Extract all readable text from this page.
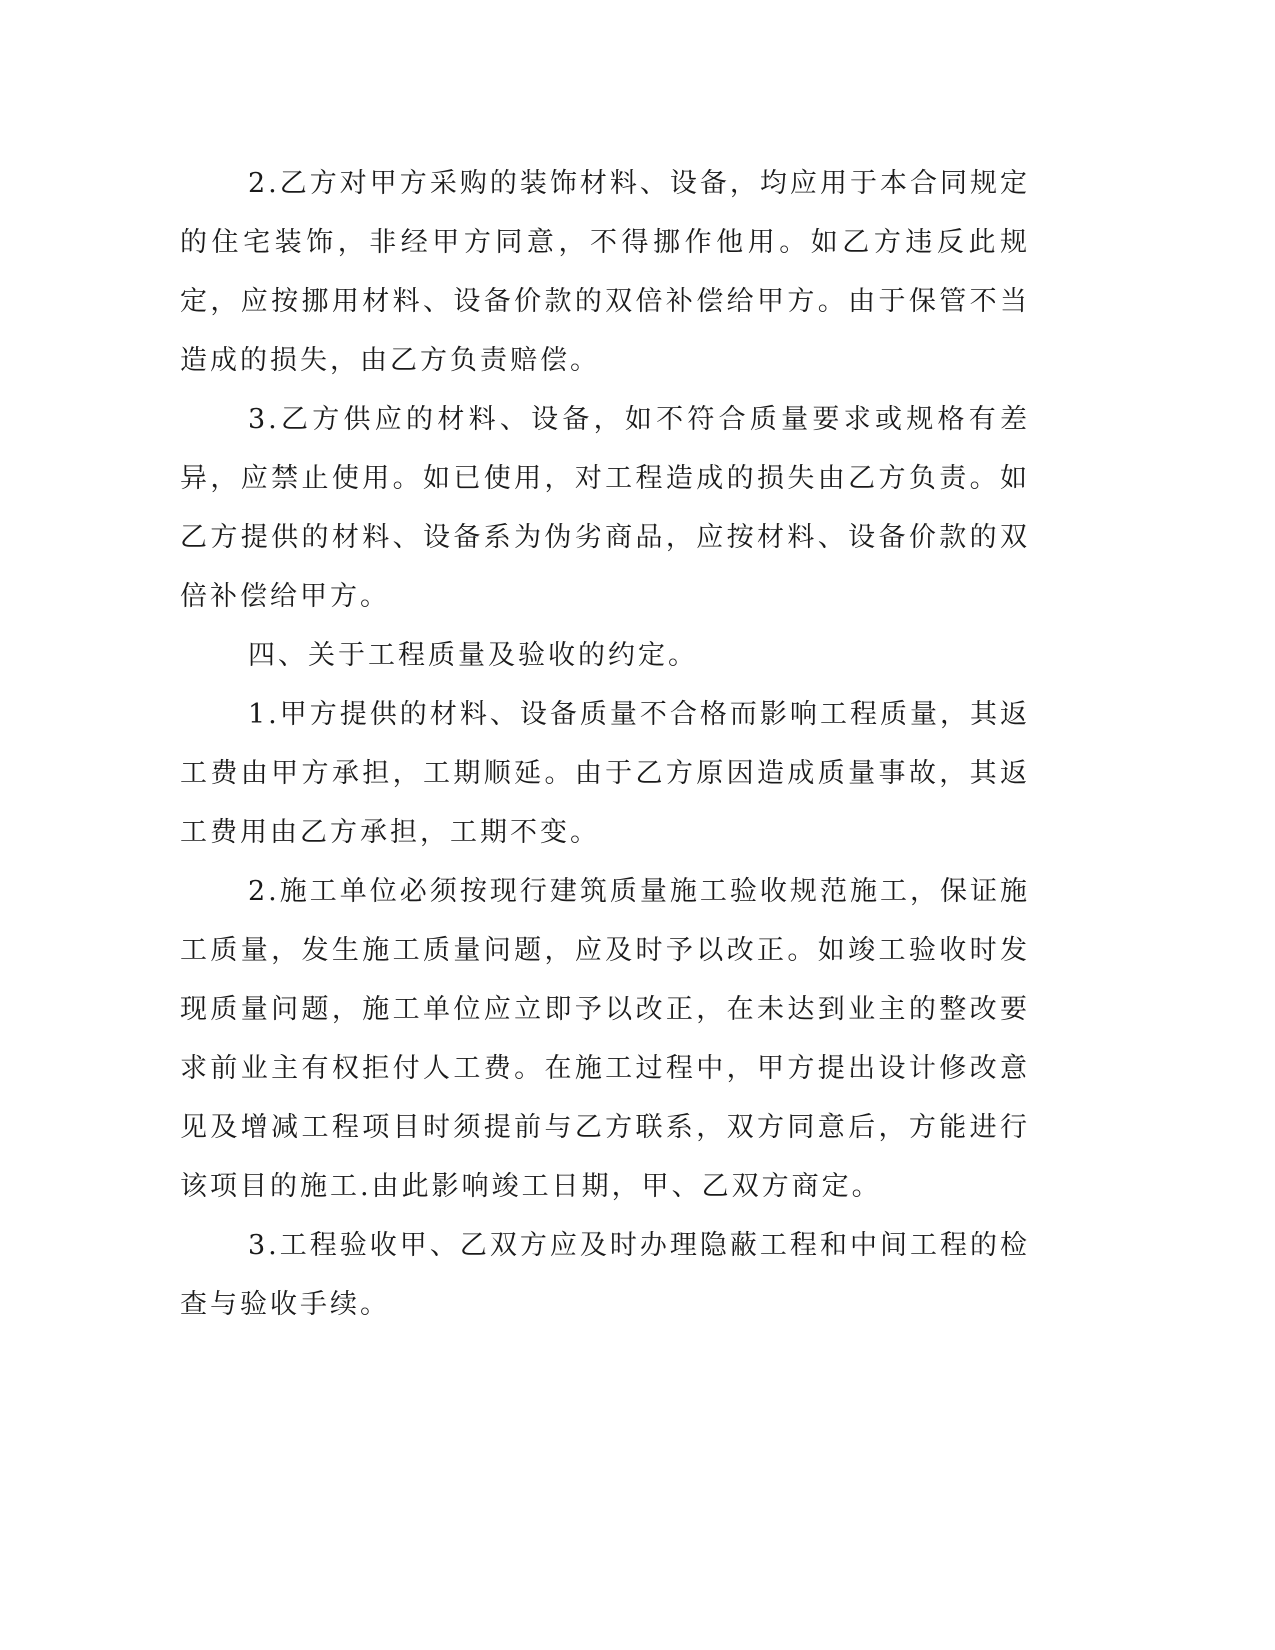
2.乙方对甲方采购的装饰材料、设备，均应用于本合同规定的住宅装饰，非经甲方同意，不得挪作他用。如乙方违反此规定，应按挪用材料、设备价款的双倍补偿给甲方。由于保管不当造成的损失，由乙方负责赔偿。

3.乙方供应的材料、设备，如不符合质量要求或规格有差异，应禁止使用。如已使用，对工程造成的损失由乙方负责。如乙方提供的材料、设备系为伪劣商品，应按材料、设备价款的双倍补偿给甲方。

四、关于工程质量及验收的约定。

1.甲方提供的材料、设备质量不合格而影响工程质量，其返工费由甲方承担，工期顺延。由于乙方原因造成质量事故，其返工费用由乙方承担，工期不变。

2.施工单位必须按现行建筑质量施工验收规范施工，保证施工质量，发生施工质量问题，应及时予以改正。如竣工验收时发现质量问题，施工单位应立即予以改正，在未达到业主的整改要求前业主有权拒付人工费。在施工过程中，甲方提出设计修改意见及增减工程项目时须提前与乙方联系，双方同意后，方能进行该项目的施工.由此影响竣工日期，甲、乙双方商定。

3.工程验收甲、乙双方应及时办理隐蔽工程和中间工程的检查与验收手续。
